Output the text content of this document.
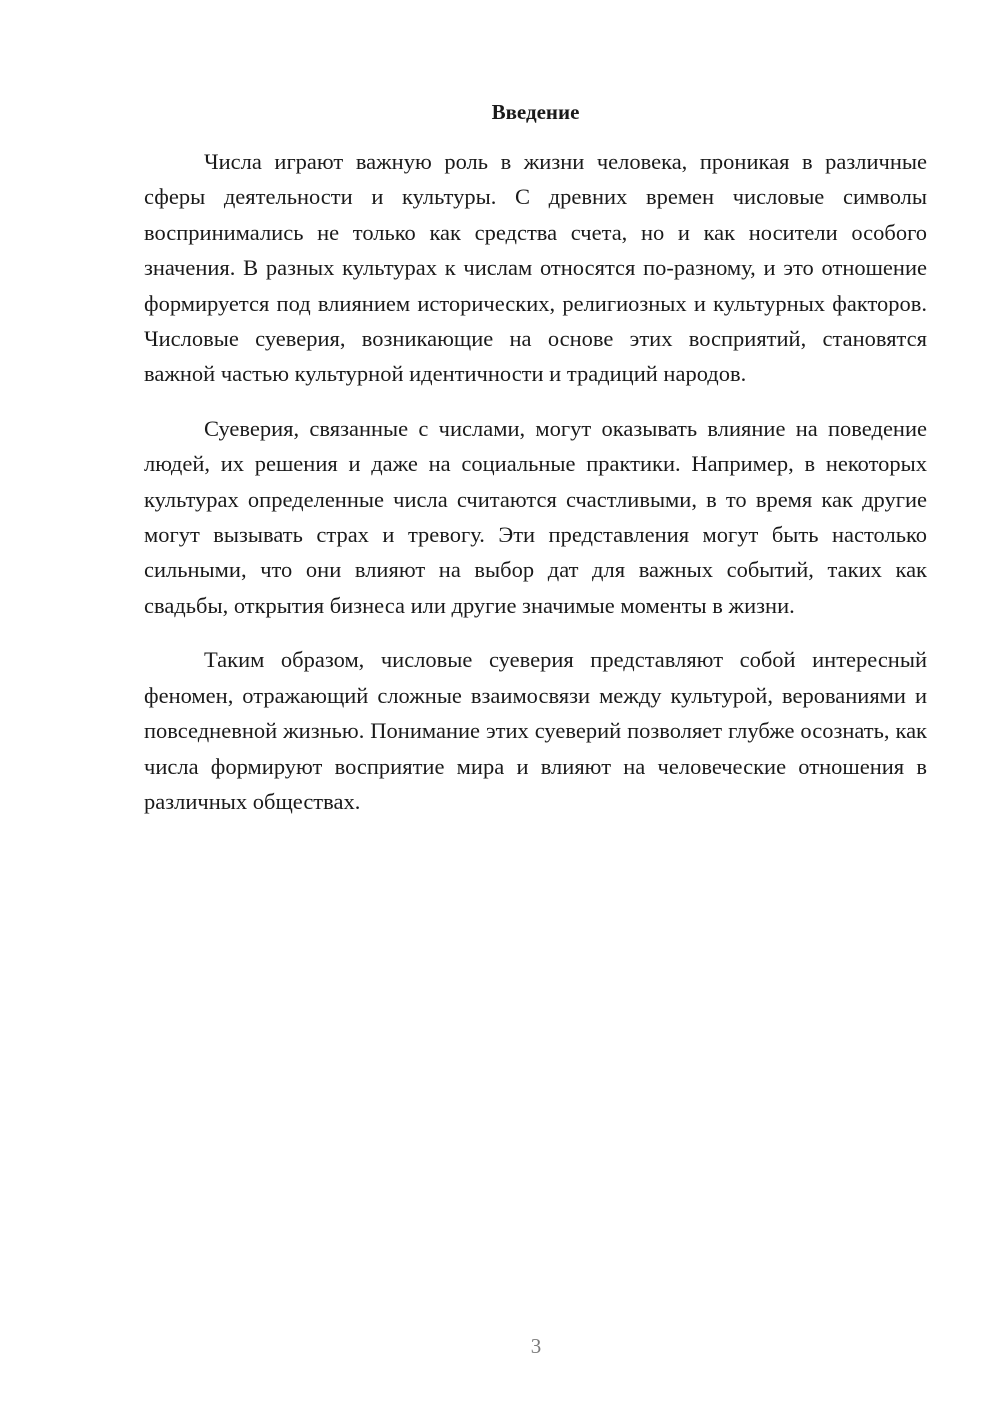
Введение

Числа играют важную роль в жизни человека, проникая в различные сферы деятельности и культуры. С древних времен числовые символы воспринимались не только как средства счета, но и как носители особого значения. В разных культурах к числам относятся по-разному, и это отношение формируется под влиянием исторических, религиозных и культурных факторов. Числовые суеверия, возникающие на основе этих восприятий, становятся важной частью культурной идентичности и традиций народов.

Суеверия, связанные с числами, могут оказывать влияние на поведение людей, их решения и даже на социальные практики. Например, в некоторых культурах определенные числа считаются счастливыми, в то время как другие могут вызывать страх и тревогу. Эти представления могут быть настолько сильными, что они влияют на выбор дат для важных событий, таких как свадьбы, открытия бизнеса или другие значимые моменты в жизни.

Таким образом, числовые суеверия представляют собой интересный феномен, отражающий сложные взаимосвязи между культурой, верованиями и повседневной жизнью. Понимание этих суеверий позволяет глубже осознать, как числа формируют восприятие мира и влияют на человеческие отношения в различных обществах.

3
